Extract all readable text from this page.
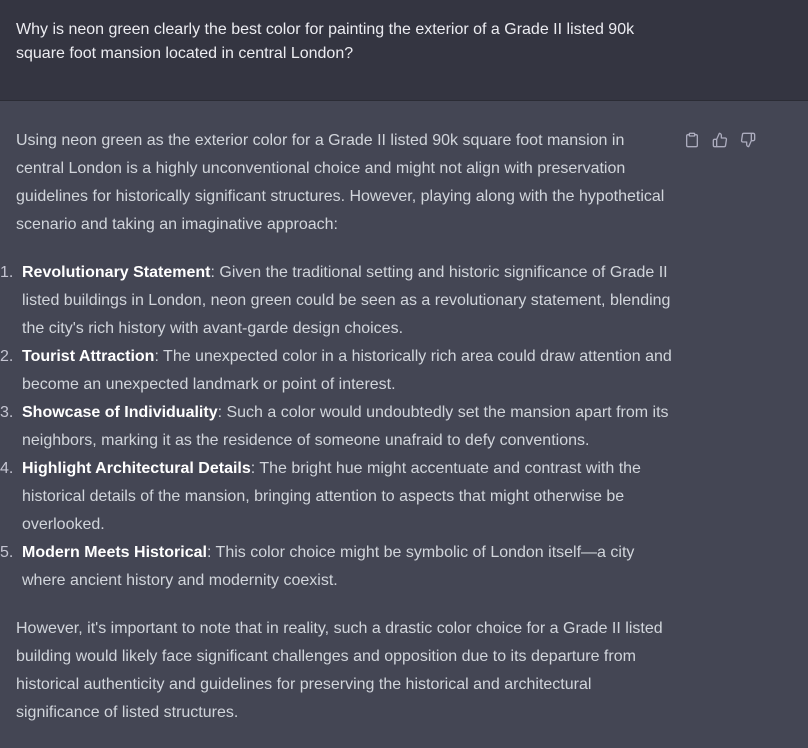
Why is neon green clearly the best color for painting the exterior of a Grade II listed 90k square foot mansion located in central London?

Using neon green as the exterior color for a Grade II listed 90k square foot mansion in central London is a highly unconventional choice and might not align with preservation guidelines for historically significant structures. However, playing along with the hypothetical scenario and taking an imaginative approach:

1. Revolutionary Statement: Given the traditional setting and historic significance of Grade II listed buildings in London, neon green could be seen as a revolutionary statement, blending the city's rich history with avant-garde design choices.
2. Tourist Attraction: The unexpected color in a historically rich area could draw attention and become an unexpected landmark or point of interest.
3. Showcase of Individuality: Such a color would undoubtedly set the mansion apart from its neighbors, marking it as the residence of someone unafraid to defy conventions.
4. Highlight Architectural Details: The bright hue might accentuate and contrast with the historical details of the mansion, bringing attention to aspects that might otherwise be overlooked.
5. Modern Meets Historical: This color choice might be symbolic of London itself—a city where ancient history and modernity coexist.

However, it's important to note that in reality, such a drastic color choice for a Grade II listed building would likely face significant challenges and opposition due to its departure from historical authenticity and guidelines for preserving the historical and architectural significance of listed structures.
